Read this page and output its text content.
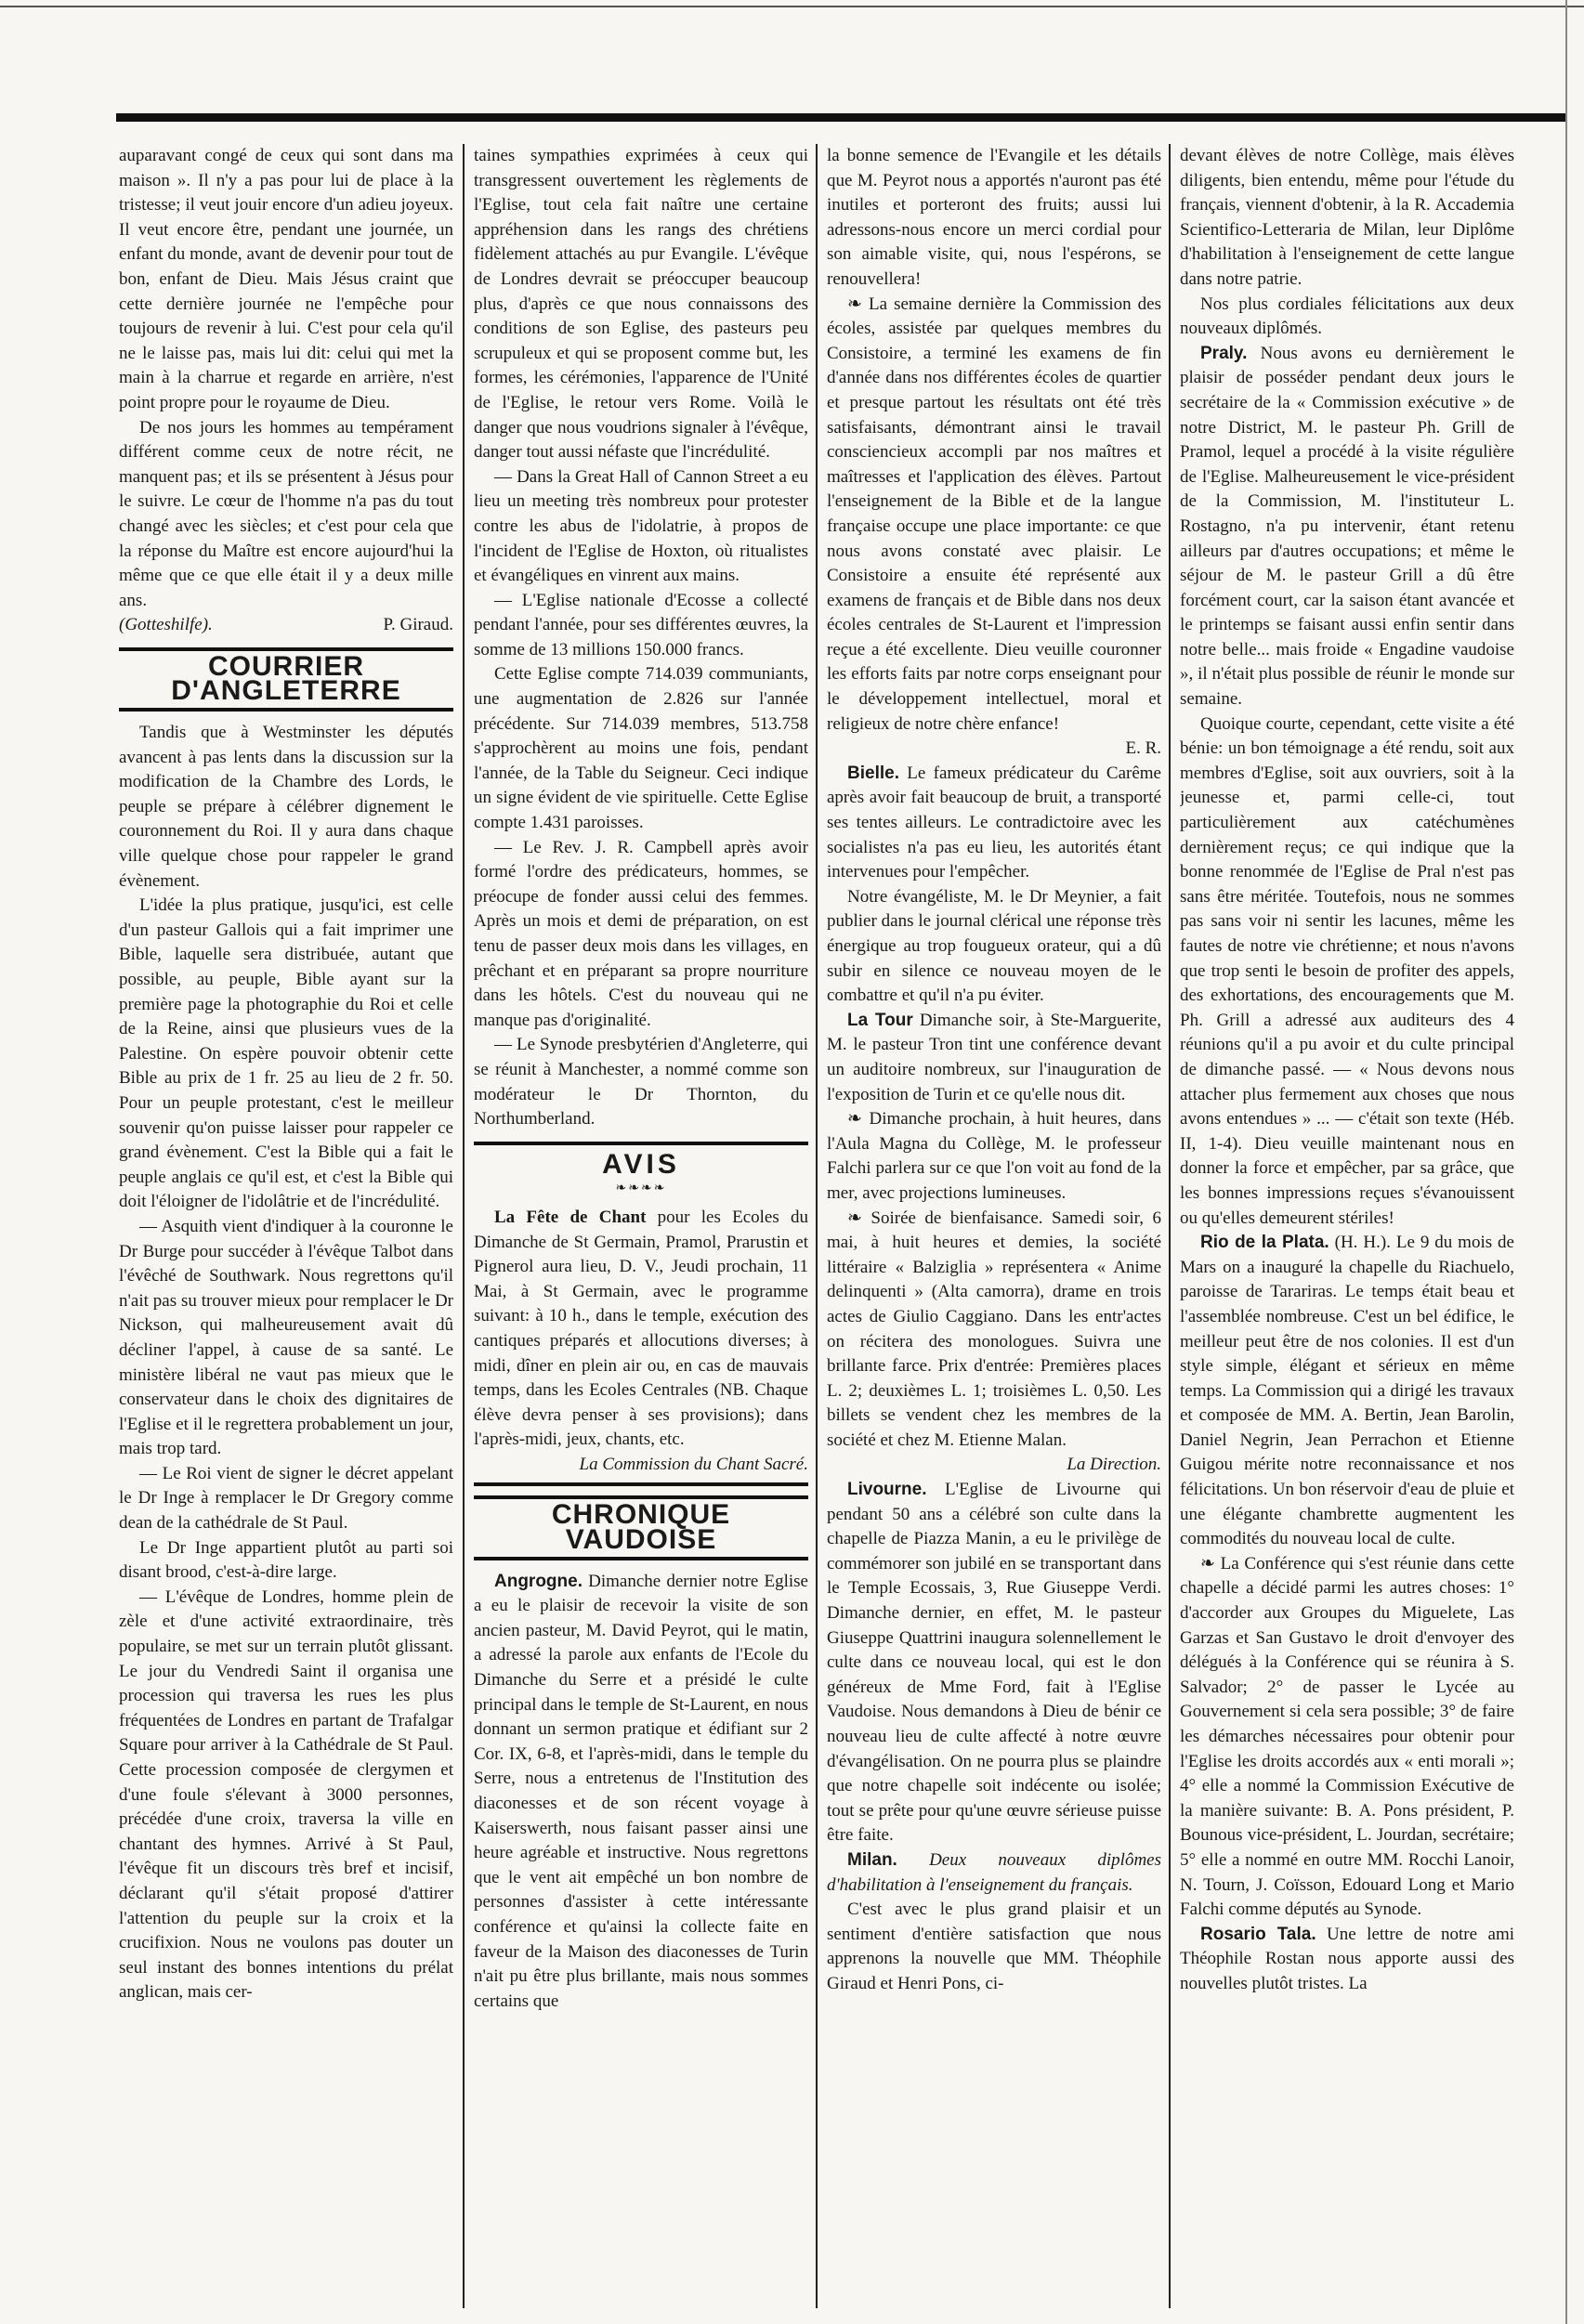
auparavant congé de ceux qui sont dans ma maison ». Il n'y a pas pour lui de place à la tristesse; il veut jouir encore d'un adieu joyeux. Il veut encore être, pendant une journée, un enfant du monde, avant de devenir pour tout de bon, enfant de Dieu. Mais Jésus craint que cette dernière journée ne l'empêche pour toujours de revenir à lui. C'est pour cela qu'il ne le laisse pas, mais lui dit: celui qui met la main à la charrue et regarde en arrière, n'est point propre pour le royaume de Dieu.

De nos jours les hommes au tempérament différent comme ceux de notre récit, ne manquent pas; et ils se présentent à Jésus pour le suivre. Le cœur de l'homme n'a pas du tout changé avec les siècles; et c'est pour cela que la réponse du Maître est encore aujourd'hui la même que ce que elle était il y a deux mille ans.

(Gotteshilfe).	P. Giraud.

COURRIER D'ANGLETERRE

Tandis que à Westminster les députés avancent à pas lents dans la discussion sur la modification de la Chambre des Lords, le peuple se prépare à célébrer dignement le couronnement du Roi. Il y aura dans chaque ville quelque chose pour rappeler le grand évènement.

L'idée la plus pratique, jusqu'ici, est celle d'un pasteur Gallois qui a fait imprimer une Bible, laquelle sera distribuée, autant que possible, au peuple, Bible ayant sur la première page la photographie du Roi et celle de la Reine, ainsi que plusieurs vues de la Palestine. On espère pouvoir obtenir cette Bible au prix de 1 fr. 25 au lieu de 2 fr. 50. Pour un peuple protestant, c'est le meilleur souvenir qu'on puisse laisser pour rappeler ce grand évènement. C'est la Bible qui a fait le peuple anglais ce qu'il est, et c'est la Bible qui doit l'éloigner de l'idolâtrie et de l'incrédulité.

— Asquith vient d'indiquer à la couronne le Dr Burge pour succéder à l'évêque Talbot dans l'évêché de Southwark. Nous regrettons qu'il n'ait pas su trouver mieux pour remplacer le Dr Nickson, qui malheureusement avait dû décliner l'appel, à cause de sa santé. Le ministère libéral ne vaut pas mieux que le conservateur dans le choix des dignitaires de l'Eglise et il le regrettera probablement un jour, mais trop tard.

— Le Roi vient de signer le décret appelant le Dr Inge à remplacer le Dr Gregory comme dean de la cathédrale de St Paul.

Le Dr Inge appartient plutôt au parti soi disant brood, c'est-à-dire large.

— L'évêque de Londres, homme plein de zèle et d'une activité extraordinaire, très populaire, se met sur un terrain plutôt glissant. Le jour du Vendredi Saint il organisa une procession qui traversa les rues les plus fréquentées de Londres en partant de Trafalgar Square pour arriver à la Cathédrale de St Paul. Cette procession composée de clergymen et d'une foule s'élevant à 3000 personnes, précédée d'une croix, traversa la ville en chantant des hymnes. Arrivé à St Paul, l'évêque fit un discours très bref et incisif, déclarant qu'il s'était proposé d'attirer l'attention du peuple sur la croix et la crucifixion. Nous ne voulons pas douter un seul instant des bonnes intentions du prélat anglican, mais cer-

taines sympathies exprimées à ceux qui transgressent ouvertement les règlements de l'Eglise, tout cela fait naître une certaine appréhension dans les rangs des chrétiens fidèlement attachés au pur Evangile. L'évêque de Londres devrait se préoccuper beaucoup plus, d'après ce que nous connaissons des conditions de son Eglise, des pasteurs peu scrupuleux et qui se proposent comme but, les formes, les cérémonies, l'apparence de l'Unité de l'Eglise, le retour vers Rome. Voilà le danger que nous voudrions signaler à l'évêque, danger tout aussi néfaste que l'incrédulité.

— Dans la Great Hall of Cannon Street a eu lieu un meeting très nombreux pour protester contre les abus de l'idolatrie, à propos de l'incident de l'Eglise de Hoxton, où ritualistes et évangéliques en vinrent aux mains.

— L'Eglise nationale d'Ecosse a collecté pendant l'année, pour ses différentes œuvres, la somme de 13 millions 150.000 francs.

Cette Eglise compte 714.039 communiants, une augmentation de 2.826 sur l'année précédente. Sur 714.039 membres, 513.758 s'approchèrent au moins une fois, pendant l'année, de la Table du Seigneur. Ceci indique un signe évident de vie spirituelle. Cette Eglise compte 1.431 paroisses.

— Le Rev. J. R. Campbell après avoir formé l'ordre des prédicateurs, hommes, se préocupe de fonder aussi celui des femmes. Après un mois et demi de préparation, on est tenu de passer deux mois dans les villages, en prêchant et en préparant sa propre nourriture dans les hôtels. C'est du nouveau qui ne manque pas d'originalité.

— Le Synode presbytérien d'Angleterre, qui se réunit à Manchester, a nommé comme son modérateur le Dr Thornton, du Northumberland.

AVIS
❧❧❧❧

La Fête de Chant pour les Ecoles du Dimanche de St Germain, Pramol, Prarustin et Pignerol aura lieu, D. V., Jeudi prochain, 11 Mai, à St Germain, avec le programme suivant: à 10 h., dans le temple, exécution des cantiques préparés et allocutions diverses; à midi, dîner en plein air ou, en cas de mauvais temps, dans les Ecoles Centrales (NB. Chaque élève devra penser à ses provisions); dans l'après-midi, jeux, chants, etc.

La Commission du Chant Sacré.

CHRONIQUE VAUDOISE

Angrogne. Dimanche dernier notre Eglise a eu le plaisir de recevoir la visite de son ancien pasteur, M. David Peyrot, qui le matin, a adressé la parole aux enfants de l'Ecole du Dimanche du Serre et a présidé le culte principal dans le temple de St-Laurent, en nous donnant un sermon pratique et édifiant sur 2 Cor. IX, 6-8, et l'après-midi, dans le temple du Serre, nous a entretenus de l'Institution des diaconesses et de son récent voyage à Kaiserswerth, nous faisant passer ainsi une heure agréable et instructive. Nous regrettons que le vent ait empêché un bon nombre de personnes d'assister à cette intéressante conférence et qu'ainsi la collecte faite en faveur de la Maison des diaconesses de Turin n'ait pu être plus brillante, mais nous sommes certains que

la bonne semence de l'Evangile et les détails que M. Peyrot nous a apportés n'auront pas été inutiles et porteront des fruits; aussi lui adressons-nous encore un merci cordial pour son aimable visite, qui, nous l'espérons, se renouvellera!

❧ La semaine dernière la Commission des écoles, assistée par quelques membres du Consistoire, a terminé les examens de fin d'année dans nos différentes écoles de quartier et presque partout les résultats ont été très satisfaisants, démontrant ainsi le travail consciencieux accompli par nos maîtres et maîtresses et l'application des élèves. Partout l'enseignement de la Bible et de la langue française occupe une place importante: ce que nous avons constaté avec plaisir. Le Consistoire a ensuite été représenté aux examens de français et de Bible dans nos deux écoles centrales de St-Laurent et l'impression reçue a été excellente. Dieu veuille couronner les efforts faits par notre corps enseignant pour le développement intellectuel, moral et religieux de notre chère enfance!

E. R.

Bielle. Le fameux prédicateur du Carême après avoir fait beaucoup de bruit, a transporté ses tentes ailleurs. Le contradictoire avec les socialistes n'a pas eu lieu, les autorités étant intervenues pour l'empêcher.

Notre évangéliste, M. le Dr Meynier, a fait publier dans le journal clérical une réponse très énergique au trop fougueux orateur, qui a dû subir en silence ce nouveau moyen de le combattre et qu'il n'a pu éviter.

La Tour Dimanche soir, à Ste-Marguerite, M. le pasteur Tron tint une conférence devant un auditoire nombreux, sur l'inauguration de l'exposition de Turin et ce qu'elle nous dit.

❧ Dimanche prochain, à huit heures, dans l'Aula Magna du Collège, M. le professeur Falchi parlera sur ce que l'on voit au fond de la mer, avec projections lumineuses.

❧ Soirée de bienfaisance. Samedi soir, 6 mai, à huit heures et demies, la société littéraire « Balziglia » représentera « Anime delinquenti » (Alta camorra), drame en trois actes de Giulio Caggiano. Dans les entr'actes on récitera des monologues. Suivra une brillante farce. Prix d'entrée: Premières places L. 2; deuxièmes L. 1; troisièmes L. 0,50. Les billets se vendent chez les membres de la société et chez M. Etienne Malan.

La Direction.

Livourne. L'Eglise de Livourne qui pendant 50 ans a célébré son culte dans la chapelle de Piazza Manin, a eu le privilège de commémorer son jubilé en se transportant dans le Temple Ecossais, 3, Rue Giuseppe Verdi. Dimanche dernier, en effet, M. le pasteur Giuseppe Quattrini inaugura solennellement le culte dans ce nouveau local, qui est le don généreux de Mme Ford, fait à l'Eglise Vaudoise. Nous demandons à Dieu de bénir ce nouveau lieu de culte affecté à notre œuvre d'évangélisation. On ne pourra plus se plaindre que notre chapelle soit indécente ou isolée; tout se prête pour qu'une œuvre sérieuse puisse être faite.

Milan. Deux nouveaux diplômes d'habilitation à l'enseignement du français.

C'est avec le plus grand plaisir et un sentiment d'entière satisfaction que nous apprenons la nouvelle que MM. Théophile Giraud et Henri Pons, ci-

devant élèves de notre Collège, mais élèves diligents, bien entendu, même pour l'étude du français, viennent d'obtenir, à la R. Accademia Scientifico-Letteraria de Milan, leur Diplôme d'habilitation à l'enseignement de cette langue dans notre patrie.

Nos plus cordiales félicitations aux deux nouveaux diplômés.

Praly. Nous avons eu dernièrement le plaisir de posséder pendant deux jours le secrétaire de la « Commission exécutive » de notre District, M. le pasteur Ph. Grill de Pramol, lequel a procédé à la visite régulière de l'Eglise. Malheureusement le vice-président de la Commission, M. l'instituteur L. Rostagno, n'a pu intervenir, étant retenu ailleurs par d'autres occupations; et même le séjour de M. le pasteur Grill a dû être forcément court, car la saison étant avancée et le printemps se faisant aussi enfin sentir dans notre belle... mais froide « Engadine vaudoise », il n'était plus possible de réunir le monde sur semaine.

Quoique courte, cependant, cette visite a été bénie: un bon témoignage a été rendu, soit aux membres d'Eglise, soit aux ouvriers, soit à la jeunesse et, parmi celle-ci, tout particulièrement aux catéchumènes dernièrement reçus; ce qui indique que la bonne renommée de l'Eglise de Pral n'est pas sans être méritée. Toutefois, nous ne sommes pas sans voir ni sentir les lacunes, même les fautes de notre vie chrétienne; et nous n'avons que trop senti le besoin de profiter des appels, des exhortations, des encouragements que M. Ph. Grill a adressé aux auditeurs des 4 réunions qu'il a pu avoir et du culte principal de dimanche passé. — « Nous devons nous attacher plus fermement aux choses que nous avons entendues » ... — c'était son texte (Héb. II, 1-4). Dieu veuille maintenant nous en donner la force et empêcher, par sa grâce, que les bonnes impressions reçues s'évanouissent ou qu'elles demeurent stériles!

Rio de la Plata. (H. H.). Le 9 du mois de Mars on a inauguré la chapelle du Riachuelo, paroisse de Tarariras. Le temps était beau et l'assemblée nombreuse. C'est un bel édifice, le meilleur peut être de nos colonies. Il est d'un style simple, élégant et sérieux en même temps. La Commission qui a dirigé les travaux et composée de MM. A. Bertin, Jean Barolin, Daniel Negrin, Jean Perrachon et Etienne Guigou mérite notre reconnaissance et nos félicitations. Un bon réservoir d'eau de pluie et une élégante chambrette augmentent les commodités du nouveau local de culte.

❧ La Conférence qui s'est réunie dans cette chapelle a décidé parmi les autres choses: 1° d'accorder aux Groupes du Miguelete, Las Garzas et San Gustavo le droit d'envoyer des délégués à la Conférence qui se réunira à S. Salvador; 2° de passer le Lycée au Gouvernement si cela sera possible; 3° de faire les démarches nécessaires pour obtenir pour l'Eglise les droits accordés aux « enti morali »; 4° elle a nommé la Commission Exécutive de la manière suivante: B. A. Pons président, P. Bounous vice-président, L. Jourdan, secrétaire; 5° elle a nommé en outre MM. Rocchi Lanoir, N. Tourn, J. Coïsson, Edouard Long et Mario Falchi comme députés au Synode.

Rosario Tala. Une lettre de notre ami Théophile Rostan nous apporte aussi des nouvelles plutôt tristes. La
